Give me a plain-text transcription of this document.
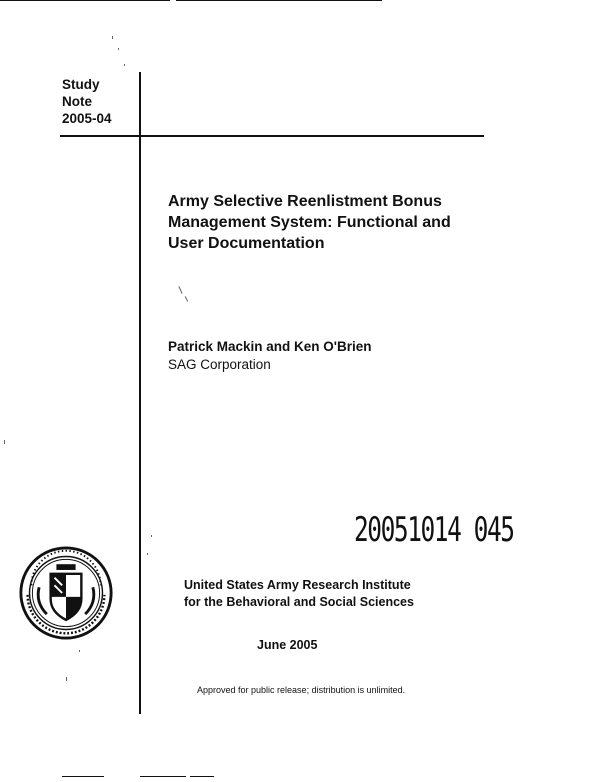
Study
Note
2005-04
Army Selective Reenlistment Bonus
Management System: Functional and
User Documentation
Patrick Mackin and Ken O'Brien
SAG Corporation
20051014 045
United States Army Research Institute
for the Behavioral and Social Sciences
June 2005
Approved for public release; distribution is unlimited.
